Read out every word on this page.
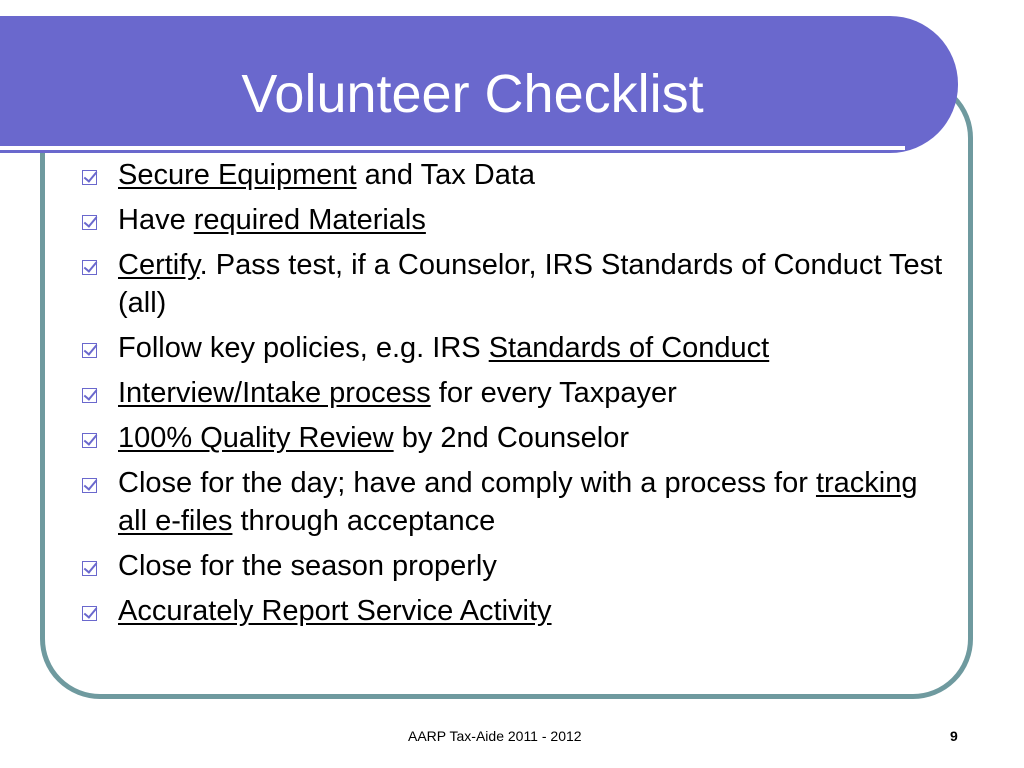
Volunteer Checklist
Secure Equipment and Tax Data
Have required Materials
Certify. Pass test, if a Counselor, IRS Standards of Conduct Test (all)
Follow key policies, e.g. IRS Standards of Conduct
Interview/Intake process for every Taxpayer
100% Quality Review by 2nd Counselor
Close for the day; have and comply with a process for tracking all e-files through acceptance
Close for the season properly
Accurately Report Service Activity
AARP Tax-Aide 2011 - 2012	9
